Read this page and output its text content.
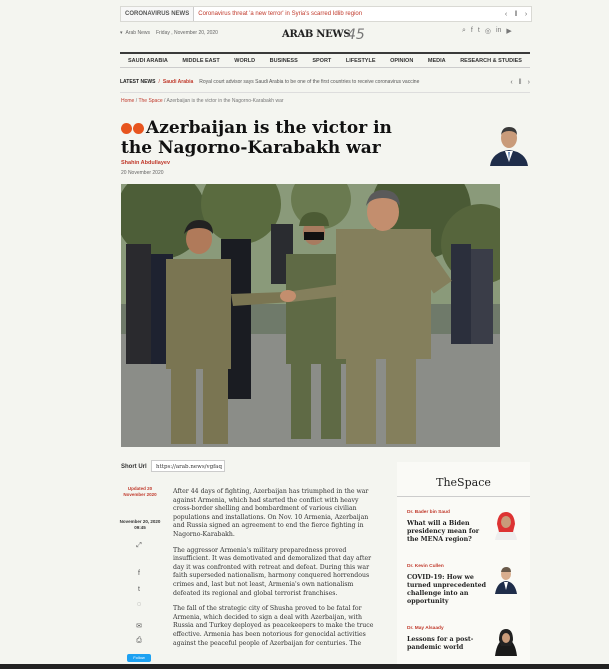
CORONAVIRUS NEWS	Coronavirus threat 'a new terror' in Syria's scarred Idlib region	‹	‖	›
▾ Arab News Friday , November 20, 2020	ARAB NEWS
45	⌕ f t ◎ in ▶
SAUDI ARABIA	MIDDLE EAST	WORLD	BUSINESS	SPORT	LIFESTYLE	OPINION	MEDIA	RESEARCH & STUDIES
LATEST NEWS / Saudi Arabia Royal court advisor says Saudi Arabia to be one of the first countries to receive coronavirus vaccine	‹ ‖ ›
Home / The Space / Azerbaijan is the victor in the Nagorno-Karabakh war
Azerbaijan is the victor in the Nagorno-Karabakh war
Shahin Abdullayev
20 November 2020
Short Url	https://arab.news/vgfaq
Updated 20 November 2020
November 20, 2020 09:45
⤢
f
t
◌
✉
⎙
Follow

After 44 days of fighting, Azerbaijan has triumphed in the war against Armenia, which had started the conflict with heavy cross-border shelling and bombardment of various civilian populations and installations. On Nov. 10 Armenia, Azerbaijan and Russia signed an agreement to end the fierce fighting in Nagorno-Karabakh.

The aggressor Armenia's military preparedness proved insufficient. It was demotivated and demoralized that day after day it was confronted with retreat and defeat. During this war faith superseded nationalism, harmony conquered horrendous crimes and, last but not least, Armenia's own nationalism defeated its regional and global terrorist franchises.

The fall of the strategic city of Shusha proved to be fatal for Armenia, which decided to sign a deal with Azerbaijan, with Russia and Turkey deployed as peacekeepers to make the truce effective. Armenia has been notorious for genocidal activities against the peaceful people of Azerbaijan for centuries. The

TheSpace
Dr. Bader bin Saud
What will a Biden presidency mean for the MENA region?
Dr. Kevin Cullen
COVID-19: How we turned unprecedented challenge into an opportunity
Dr. May Alsaady
Lessons for a post-pandemic world
